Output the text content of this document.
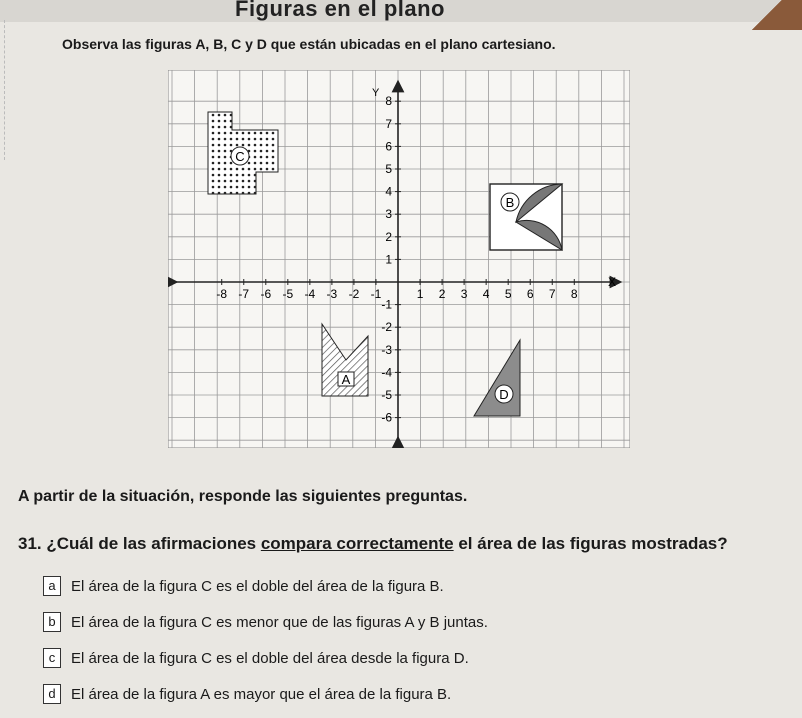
Figuras en el plano
Observa las figuras A, B, C y D que están ubicadas en el plano cartesiano.
-8 -7 -6 -5 -4 -3 -2 -1	1 2 3 4 5 6 7 8
8
7
6
5
4
3
2
1
-1
-2
-3
-4
-5
-6
X
Y
C
B
A
D
A partir de la situación, responde las siguientes preguntas.
31. ¿Cuál de las afirmaciones compara correctamente el área de las figuras mostradas?
a	El área de la figura C es el doble del área de la figura B.
b	El área de la figura C es menor que de las figuras A y B juntas.
c	El área de la figura C es el doble del área desde la figura D.
d	El área de la figura A es mayor que el área de la figura B.
